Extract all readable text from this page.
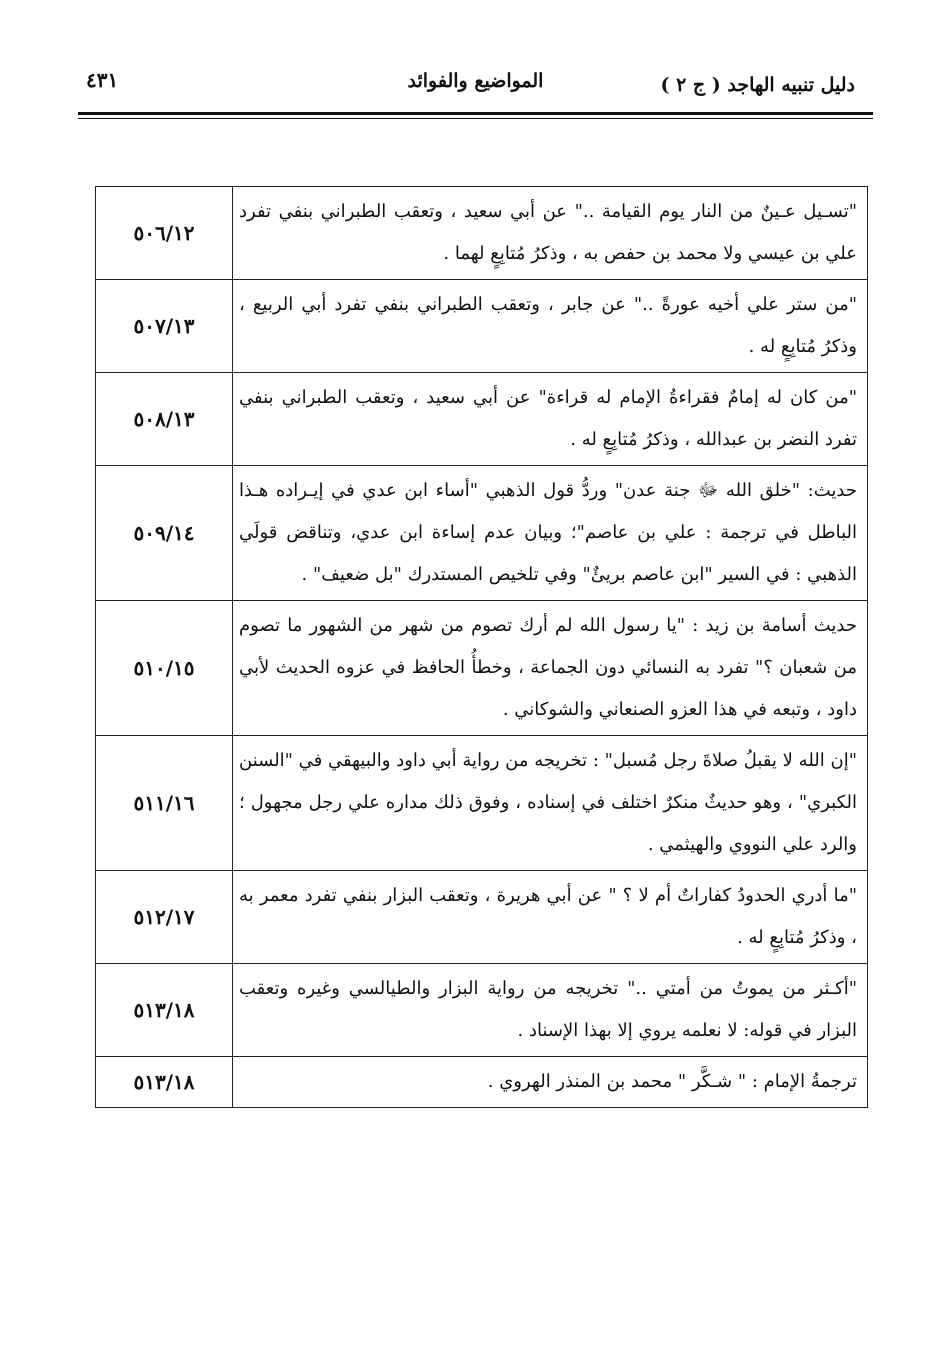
دليل تنبيه الهاجد ( ج ٢ )
المواضيع والفوائد
٤٣١
"تسـيل عـينٌ من النار يوم القيامة .." عن أبي سعيد ، وتعقب الطبراني بنفي تفرد علي بن عيسي ولا محمد بن حفص به ، وذكرُ مُتابِعٍ لهما .	٥٠٦/١٢
"من ستر علي أخيه عورةً .." عن جابر ، وتعقب الطبراني بنفي تفرد أبي الربيع ، وذكرُ مُتابِعٍ له .	٥٠٧/١٣
"من كان له إمامٌ فقراءةُ الإمام له قراءة" عن أبي سعيد ، وتعقب الطبراني بنفي تفرد النضر بن عبدالله ، وذكرُ مُتابِعٍ له .	٥٠٨/١٣
حديث: "خلق الله ﷻ جنة عدن" وردُّ قول الذهبي "أساء ابن عدي في إيـراده هـذا الباطل في ترجمة : علي بن عاصم"؛ وبيان عدم إساءة ابن عدي، وتناقض قولَي الذهبي : في السير "ابن عاصم بريئٌ" وفي تلخيص المستدرك "بل ضعيف" .	٥٠٩/١٤
حديث أسامة بن زيد : "يا رسول الله لم أرك تصوم من شهر من الشهور ما تصوم من شعبان ؟" تفرد به النسائي دون الجماعة ، وخطأُ الحافظ في عزوه الحديث لأبي داود ، وتبعه في هذا العزو الصنعاني والشوكاني .	٥١٠/١٥
"إن الله لا يقبلُ صلاةَ رجل مُسبل" : تخريجه من رواية أبي داود والبيهقي في "السنن الكبري" ، وهو حديثٌ منكرٌ اختلف في إسناده ، وفوق ذلك مداره علي رجل مجهول ؛ والرد علي النووي والهيثمي .	٥١١/١٦
"ما أدري الحدودُ كفاراتٌ أم لا ؟ " عن أبي هريرة ، وتعقب البزار بنفي تفرد معمر به ، وذكرُ مُتابِعٍ له .	٥١٢/١٧
"أكـثر من يموتُ من أمتي .." تخريجه من رواية البزار والطيالسي وغيره وتعقب البزار في قوله: لا نعلمه يروي إلا بهذا الإسناد .	٥١٣/١٨
ترجمةُ الإمام : " شـكَّر " محمد بن المنذر الهروي .	٥١٣/١٨
